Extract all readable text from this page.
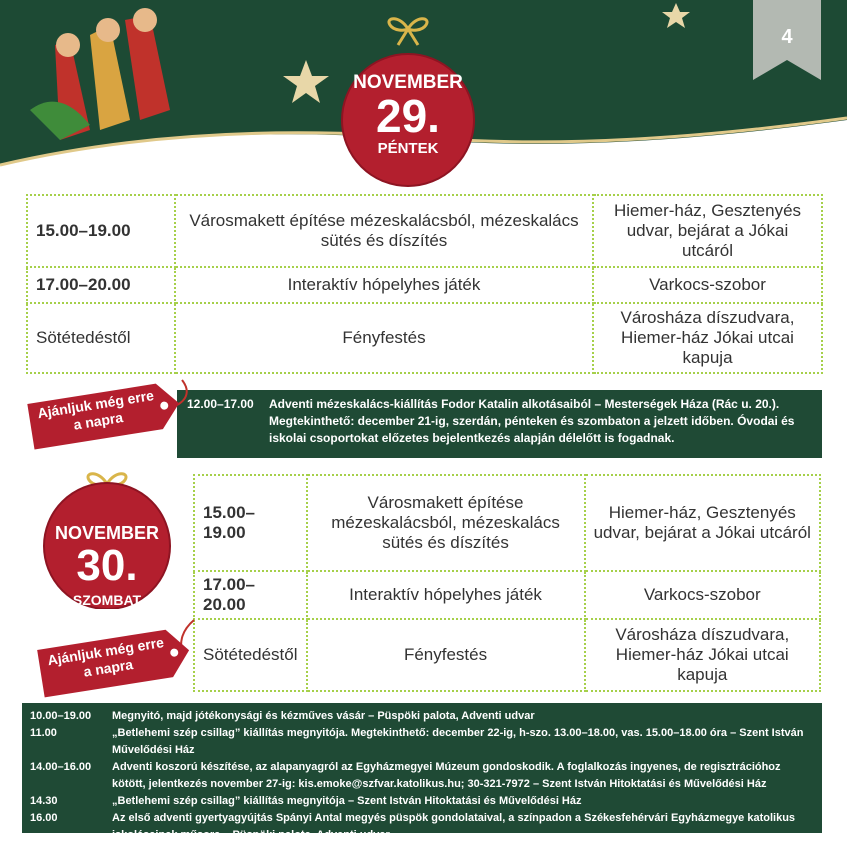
4
NOVEMBER
29.
PÉNTEK
15.00–19.00	Városmakett építése mézeskalácsból, mézeskalács sütés és díszítés	Hiemer-ház, Gesztenyés udvar, bejárat a Jókai utcáról
17.00–20.00	Interaktív hópelyhes játék	Varkocs-szobor
Sötétedéstől	Fényfestés	Városháza díszudvara, Hiemer-ház Jókai utcai kapuja
12.00–17.00	Adventi mézeskalács-kiállítás Fodor Katalin alkotásaiból – Mesterségek Háza (Rác u. 20.). Megtekinthető: december 21-ig, szerdán, pénteken és szombaton a jelzett időben. Óvodai és iskolai csoportokat előzetes bejelentkezés alapján délelőtt is fogadnak.
Ajánljuk még erre a napra
NOVEMBER
30.
SZOMBAT
15.00–19.00	Városmakett építése mézeskalácsból, mézeskalács sütés és díszítés	Hiemer-ház, Gesztenyés udvar, bejárat a Jókai utcáról
17.00–20.00	Interaktív hópelyhes játék	Varkocs-szobor
Sötétedéstől	Fényfestés	Városháza díszudvara, Hiemer-ház Jókai utcai kapuja
Ajánljuk még erre a napra
10.00–19.00	Megnyitó, majd jótékonysági és kézműves vásár – Püspöki palota, Adventi udvar
11.00	„Betlehemi szép csillag” kiállítás megnyitója. Megtekinthető: december 22-ig, h-szo. 13.00–18.00, vas. 15.00–18.00 óra – Szent István Művelődési Ház
14.00–16.00	Adventi koszorú készítése, az alapanyagról az Egyházmegyei Múzeum gondoskodik. A foglalkozás ingyenes, de regisztrációhoz kötött, jelentkezés november 27-ig: kis.emoke@szfvar.katolikus.hu; 30-321-7972 – Szent István Hitoktatási és Művelődési Ház
14.30	„Betlehemi szép csillag” kiállítás megnyitója – Szent István Hitoktatási és Művelődési Ház
16.00	Az első adventi gyertyagyújtás Spányi Antal megyés püspök gondolataival, a színpadon a Székesfehérvári Egyházmegye katolikus iskolásainak műsora – Püspöki palota, Adventi udvar
